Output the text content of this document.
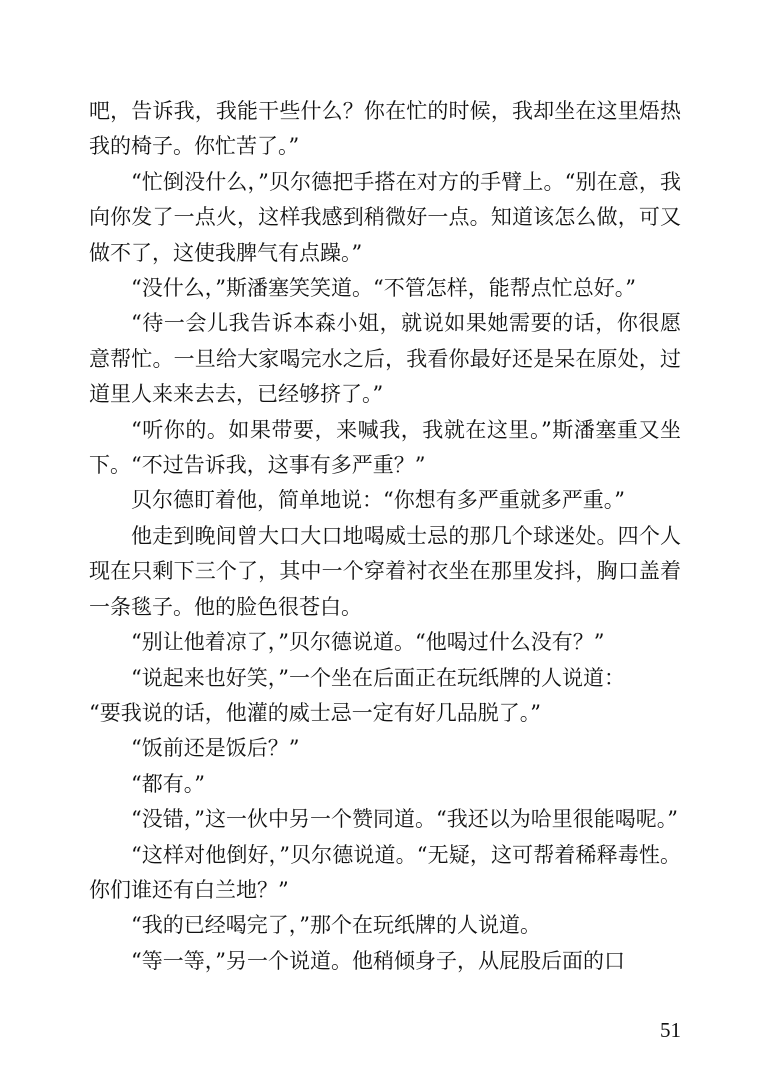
吧，告诉我，我能干些什么？你在忙的时候，我却坐在这里焐热我的椅子。你忙苦了。”

“忙倒没什么，”贝尔德把手搭在对方的手臂上。“别在意，我向你发了一点火，这样我感到稍微好一点。知道该怎么做，可又做不了，这使我脾气有点躁。”

“没什么，”斯潘塞笑笑道。“不管怎样，能帮点忙总好。”

“待一会儿我告诉本森小姐，就说如果她需要的话，你很愿意帮忙。一旦给大家喝完水之后，我看你最好还是呆在原处，过道里人来来去去，已经够挤了。”

“听你的。如果带要，来喊我，我就在这里。”斯潘塞重又坐下。“不过告诉我，这事有多严重？”

贝尔德盯着他，简单地说：“你想有多严重就多严重。”

他走到晚间曾大口大口地喝威士忌的那几个球迷处。四个人现在只剩下三个了，其中一个穿着衬衣坐在那里发抖，胸口盖着一条毯子。他的脸色很苍白。

“别让他着凉了，”贝尔德说道。“他喝过什么没有？”

“说起来也好笑，”一个坐在后面正在玩纸牌的人说道：

“要我说的话，他灌的威士忌一定有好几品脱了。”

“饭前还是饭后？”

“都有。”

“没错，”这一伙中另一个赞同道。“我还以为哈里很能喝呢。”

“这样对他倒好，”贝尔德说道。“无疑，这可帮着稀释毒性。你们谁还有白兰地？”

“我的已经喝完了，”那个在玩纸牌的人说道。

“等一等，”另一个说道。他稍倾身子，从屁股后面的口

51
